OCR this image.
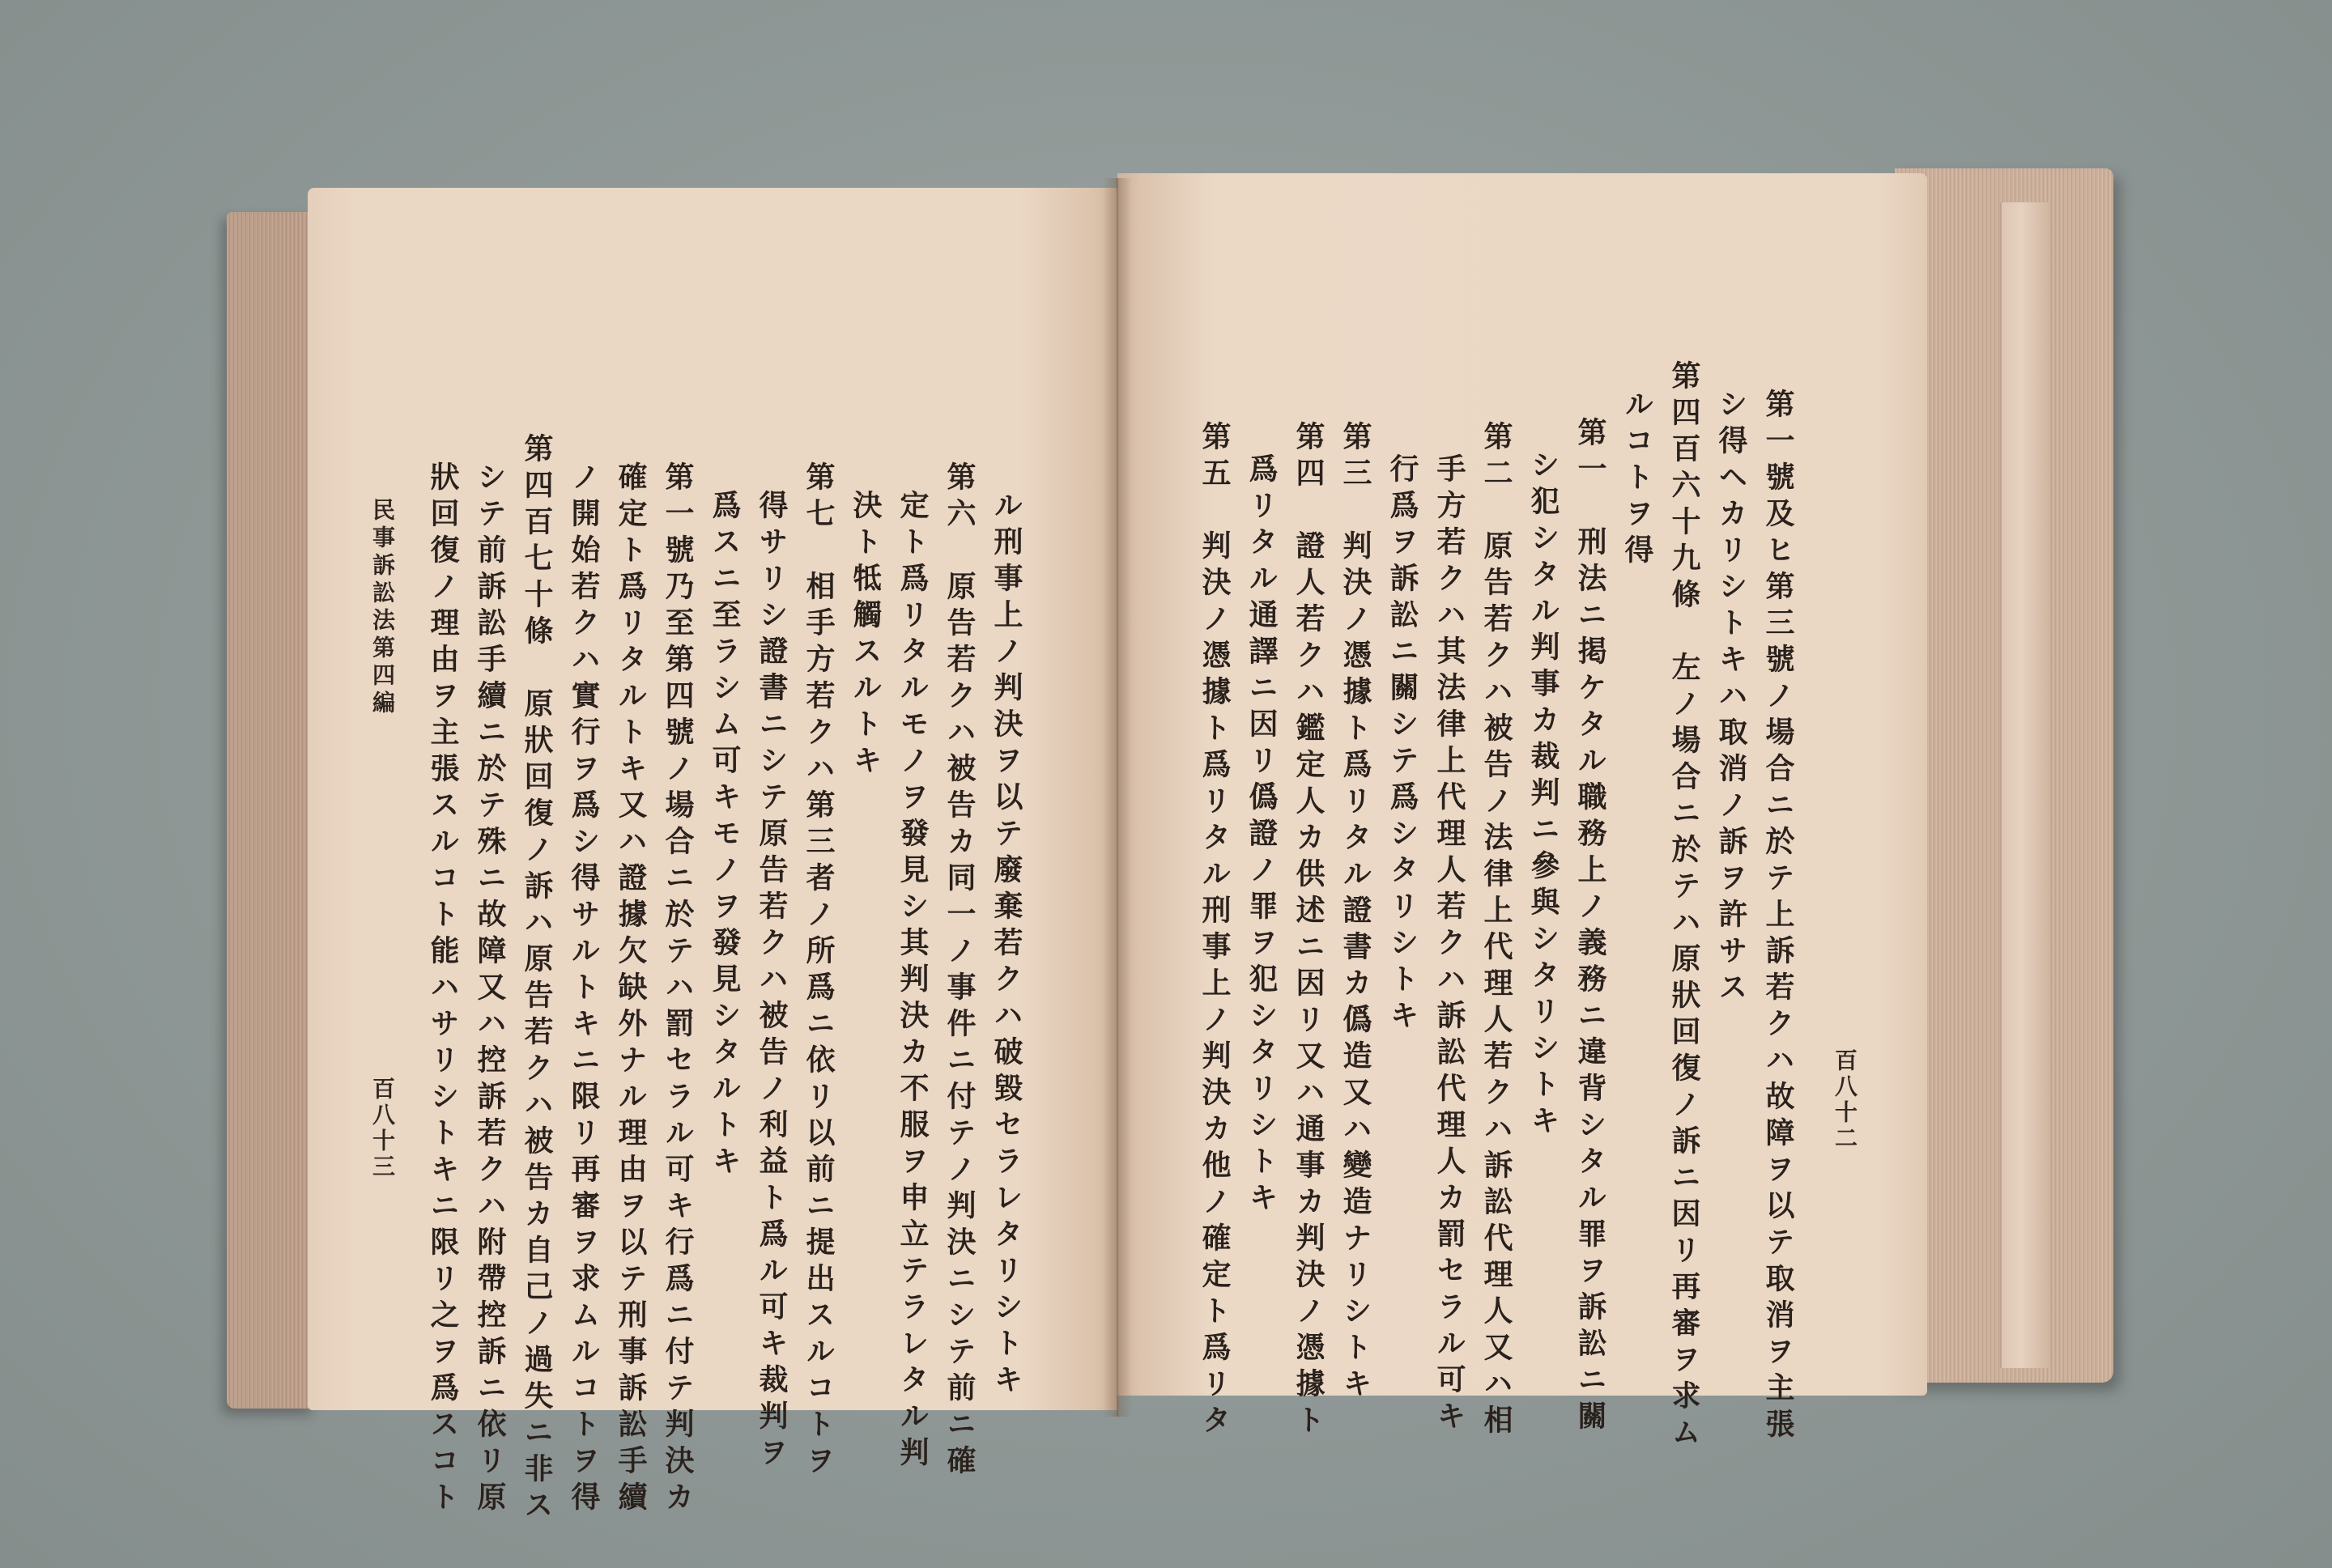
第一號及ヒ第三號ノ場合ニ於テ上訴若クハ故障ヲ以テ取消ヲ主張
シ得ヘカリシトキハ取消ノ訴ヲ許サス
第四百六十九條　左ノ場合ニ於テハ原狀回復ノ訴ニ因リ再審ヲ求ム
ルコトヲ得
第一　刑法ニ掲ケタル職務上ノ義務ニ違背シタル罪ヲ訴訟ニ關
シ犯シタル判事カ裁判ニ參與シタリシトキ
第二　原告若クハ被告ノ法律上代理人若クハ訴訟代理人又ハ相
手方若クハ其法律上代理人若クハ訴訟代理人カ罰セラル可キ
行爲ヲ訴訟ニ關シテ爲シタリシトキ
第三　判決ノ憑據ト爲リタル證書カ僞造又ハ變造ナリシトキ
第四　證人若クハ鑑定人カ供述ニ因リ又ハ通事カ判決ノ憑據ト
爲リタル通譯ニ因リ僞證ノ罪ヲ犯シタリシトキ
第五　判決ノ憑據ト爲リタル刑事上ノ判決カ他ノ確定ト爲リタ	百八十二
ル刑事上ノ判決ヲ以テ廢棄若クハ破毀セラレタリシトキ
第六　原告若クハ被告カ同一ノ事件ニ付テノ判決ニシテ前ニ確
定ト爲リタルモノヲ發見シ其判決カ不服ヲ申立テラレタル判
決ト牴觸スルトキ
第七　相手方若クハ第三者ノ所爲ニ依リ以前ニ提出スルコトヲ
得サリシ證書ニシテ原告若クハ被告ノ利益ト爲ル可キ裁判ヲ
爲スニ至ラシム可キモノヲ發見シタルトキ
第一號乃至第四號ノ場合ニ於テハ罰セラル可キ行爲ニ付テ判決カ
確定ト爲リタルトキ又ハ證據欠缺外ナル理由ヲ以テ刑事訴訟手續
ノ開始若クハ實行ヲ爲シ得サルトキニ限リ再審ヲ求ムルコトヲ得
第四百七十條　原狀回復ノ訴ハ原告若クハ被告カ自己ノ過失ニ非ス
シテ前訴訟手續ニ於テ殊ニ故障又ハ控訴若クハ附帶控訴ニ依リ原
狀回復ノ理由ヲ主張スルコト能ハサリシトキニ限リ之ヲ爲スコト
民事訴訟法第四編
百八十三
